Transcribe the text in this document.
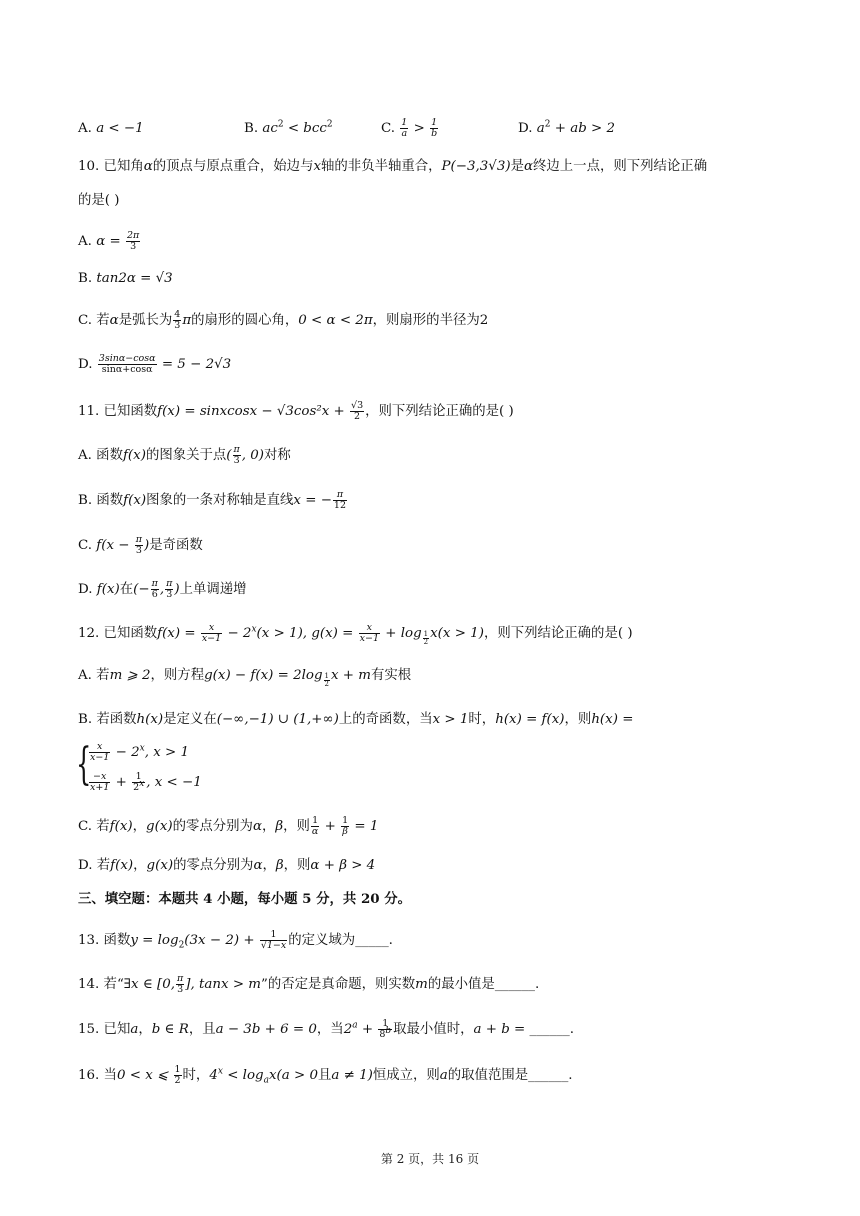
A. a < −1	B. $ac^2 < bcc^2$	C. $\frac{1}{a} > \frac{1}{b}$	D. $a^2$ + ab > 2
10. 已知角α的顶点与原点重合，始边与x轴的非负半轴重合，P(−3,3√3)是α终边上一点，则下列结论正确
的是( )
A. $\alpha = \frac{2\pi}{3}$
B. tan2α = √3
C. 若α是弧长为 $\frac{4}{3}$ π的扇形的圆心角，0 < α < 2π，则扇形的半径为2
D. $\frac{3\sin\alpha-\cos\alpha}{\sin\alpha+\cos\alpha} = 5 - 2√3$
11. 已知函数f(x) = sinxcosx − $√3\cos^2x + \frac{√3}{2}$ ，则下列结论正确的是( )
A. 函数f(x)的图象关于点( $\frac{\pi}{3}$ , 0)对称
B. 函数f(x)图象的一条对称轴是直线x = − $\frac{\pi}{12}$
C. $f(x - \frac{\pi}{3}$ )是奇函数
D. f(x)在(− $\frac{\pi}{6}$ , $\frac{\pi}{3}$ )上单调递增
12. 已知函数$f(x) = \frac{x}{x-1} - 2^x(x > 1)$, $g(x) = \frac{x}{x-1} + \log _{\frac{1}{2}}$ x(x > 1)，则下列结论正确的是( )
A. 若m ⩾ 2，则方程g(x) − f(x) = 2log $_{\frac{1}{2}}$ x + m有实根
B. 若函数h(x)是定义在(−∞,−1) ∪ (1,+∞)上的奇函数，当x > 1时，h(x) = f(x)，则h(x) =
{
$\frac{x}{x-1} - 2^x$, x > 1
$\frac{-x}{x+1} + \frac{1}{2^x}$ , x < −1
C. 若f(x)，g(x)的零点分别为α，β，则 $\frac{1}{\alpha} + \frac{1}{\beta} = 1$
D. 若f(x)，g(x)的零点分别为α，β，则α + β > 4
三、填空题：本题共 4 小题，每小题 5 分，共 20 分。
13. 函数$y = \log_2(3x - 2) + \frac{1}{√1-x}$ 的定义域为_____.
14. 若“∃x ∈ [0, $\frac{\pi}{3}$ ], tanx > m”的否定是真命题，则实数m的最小值是______.
15. 已知a，b ∈ R，且a − 3b + 6 = 0，当$2^a + \frac{1}{8^b}$ 取最小值时，a + b = ______.
16. 当0 < x ⩽ $\frac{1}{2}$ 时，$4^x < \log_ax(a > 0$且a ≠ 1)恒成立，则a的取值范围是______.
第 2 页，共 16 页
